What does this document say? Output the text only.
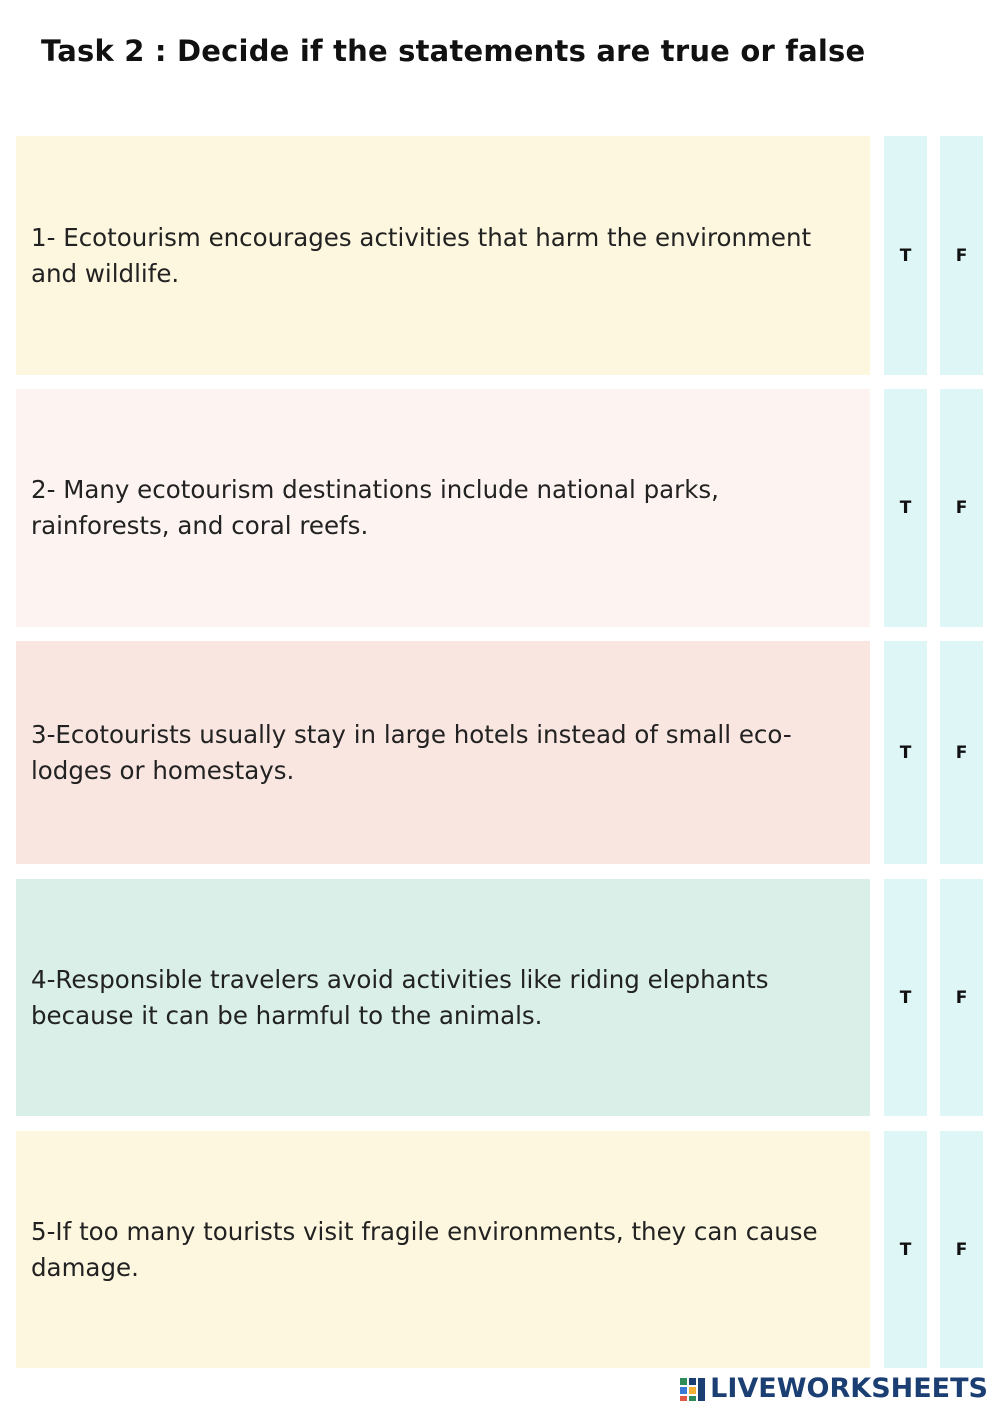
Task 2 : Decide if the statements are true or false
1- Ecotourism encourages activities that harm the environment and wildlife.
T	F
2- Many ecotourism destinations include national parks, rainforests, and coral reefs.
T	F
3-Ecotourists usually stay in large hotels instead of small eco-lodges or homestays.
T	F
4-Responsible travelers avoid activities like riding elephants because it can be harmful to the animals.
T	F
5-If too many tourists visit fragile environments, they can cause damage.
T	F
LIVEWORKSHEETS
